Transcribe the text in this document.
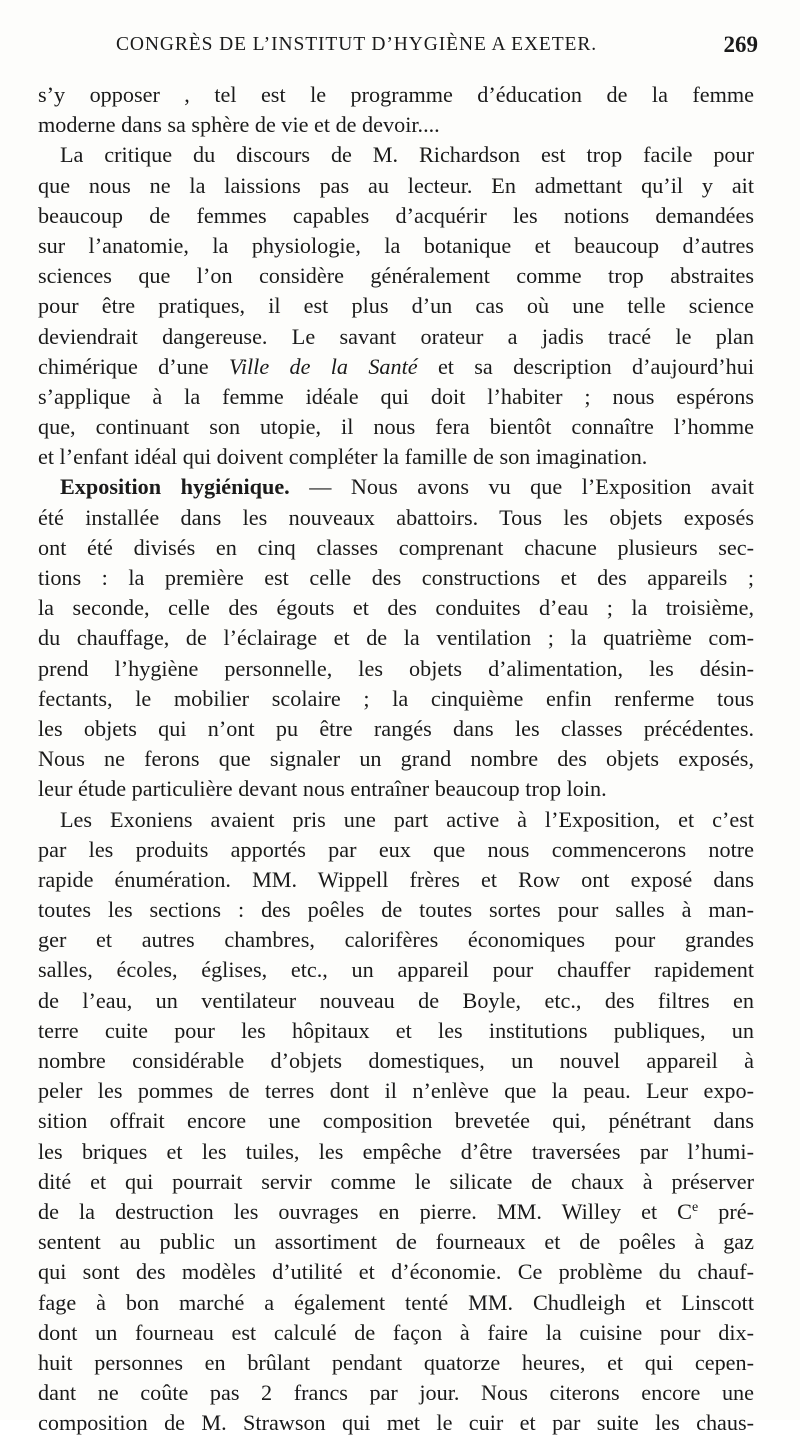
CONGRÈS DE L’INSTITUT D’HYGIÈNE A EXETER.	269
s’y opposer , tel est le programme d’éducation de la femme
moderne dans sa sphère de vie et de devoir....
La critique du discours de M. Richardson est trop facile pour
que nous ne la laissions pas au lecteur. En admettant qu’il y ait
beaucoup de femmes capables d’acquérir les notions demandées
sur l’anatomie, la physiologie, la botanique et beaucoup d’autres
sciences que l’on considère généralement comme trop abstraites
pour être pratiques, il est plus d’un cas où une telle science
deviendrait dangereuse. Le savant orateur a jadis tracé le plan
chimérique d’une Ville de la Santé et sa description d’aujourd’hui
s’applique à la femme idéale qui doit l’habiter ; nous espérons
que, continuant son utopie, il nous fera bientôt connaître l’homme
et l’enfant idéal qui doivent compléter la famille de son imagination.
Exposition hygiénique. — Nous avons vu que l’Exposition avait
été installée dans les nouveaux abattoirs. Tous les objets exposés
ont été divisés en cinq classes comprenant chacune plusieurs sec-
tions : la première est celle des constructions et des appareils ;
la seconde, celle des égouts et des conduites d’eau ; la troisième,
du chauffage, de l’éclairage et de la ventilation ; la quatrième com-
prend l’hygiène personnelle, les objets d’alimentation, les désin-
fectants, le mobilier scolaire ; la cinquième enfin renferme tous
les objets qui n’ont pu être rangés dans les classes précédentes.
Nous ne ferons que signaler un grand nombre des objets exposés,
leur étude particulière devant nous entraîner beaucoup trop loin.
Les Exoniens avaient pris une part active à l’Exposition, et c’est
par les produits apportés par eux que nous commencerons notre
rapide énumération. MM. Wippell frères et Row ont exposé dans
toutes les sections : des poêles de toutes sortes pour salles à man-
ger et autres chambres, calorifères économiques pour grandes
salles, écoles, églises, etc., un appareil pour chauffer rapidement
de l’eau, un ventilateur nouveau de Boyle, etc., des filtres en
terre cuite pour les hôpitaux et les institutions publiques, un
nombre considérable d’objets domestiques, un nouvel appareil à
peler les pommes de terres dont il n’enlève que la peau. Leur expo-
sition offrait encore une composition brevetée qui, pénétrant dans
les briques et les tuiles, les empêche d’être traversées par l’humi-
dité et qui pourrait servir comme le silicate de chaux à préserver
de la destruction les ouvrages en pierre. MM. Willey et Ce pré-
sentent au public un assortiment de fourneaux et de poêles à gaz
qui sont des modèles d’utilité et d’économie. Ce problème du chauf-
fage à bon marché a également tenté MM. Chudleigh et Linscott
dont un fourneau est calculé de façon à faire la cuisine pour dix-
huit personnes en brûlant pendant quatorze heures, et qui cepen-
dant ne coûte pas 2 francs par jour. Nous citerons encore une
composition de M. Strawson qui met le cuir et par suite les chaus-
